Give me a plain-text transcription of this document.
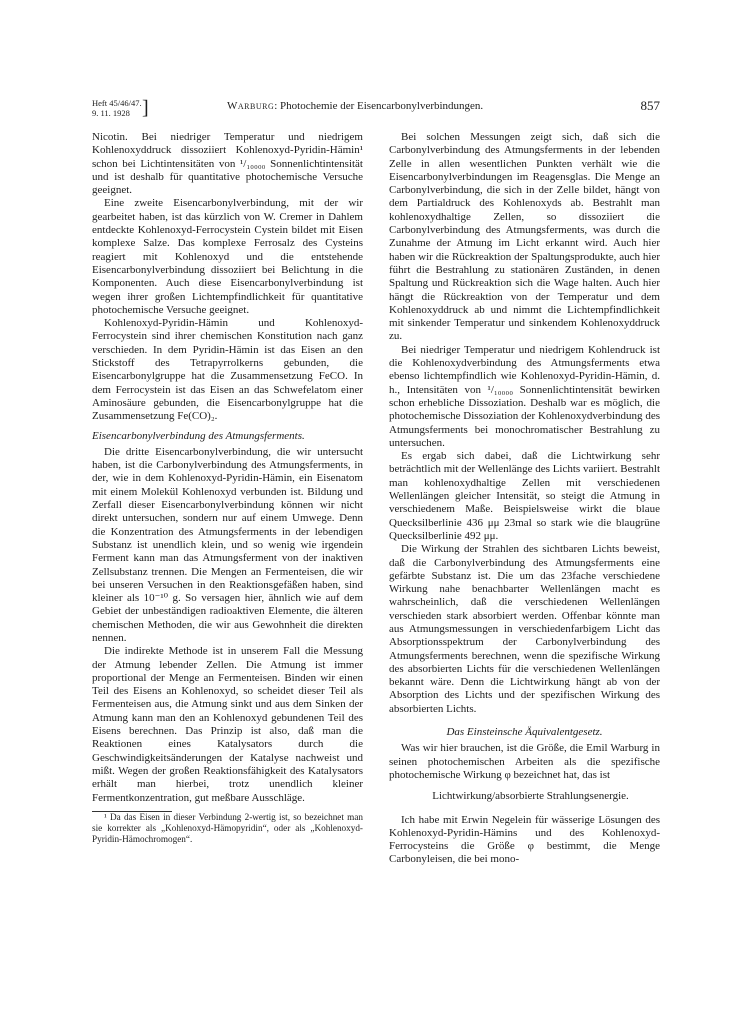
Heft 45/46/47.
9. 11. 1928 ]	Warburg: Photochemie der Eisencarbonylverbindungen.	857

Nicotin. Bei niedriger Temperatur und niedrigem Kohlenoxyddruck dissoziiert Kohlenoxyd-Pyridin-Hämin¹ schon bei Lichtintensitäten von ¹/₁₀₀₀₀ Sonnenlichtintensität und ist deshalb für quantitative photochemische Versuche geeignet.

Eine zweite Eisencarbonylverbindung, mit der wir gearbeitet haben, ist das kürzlich von W. Cremer in Dahlem entdeckte Kohlenoxyd-Ferrocystein Cystein bildet mit Eisen komplexe Salze. Das komplexe Ferrosalz des Cysteins reagiert mit Kohlenoxyd und die entstehende Eisencarbonylverbindung dissoziiert bei Belichtung in die Komponenten. Auch diese Eisencarbonylverbindung ist wegen ihrer großen Lichtempfindlichkeit für quantitative photochemische Versuche geeignet.

Kohlenoxyd-Pyridin-Hämin und Kohlenoxyd-Ferrocystein sind ihrer chemischen Konstitution nach ganz verschieden. In dem Pyridin-Hämin ist das Eisen an den Stickstoff des Tetrapyrrolkerns gebunden, die Eisencarbonylgruppe hat die Zusammensetzung FeCO. In dem Ferrocystein ist das Eisen an das Schwefelatom einer Aminosäure gebunden, die Eisencarbonylgruppe hat die Zusammensetzung Fe(CO)₂.

Eisencarbonylverbindung des Atmungsferments.

Die dritte Eisencarbonylverbindung, die wir untersucht haben, ist die Carbonylverbindung des Atmungsferments, in der, wie in dem Kohlenoxyd-Pyridin-Hämin, ein Eisenatom mit einem Molekül Kohlenoxyd verbunden ist. Bildung und Zerfall dieser Eisencarbonylverbindung können wir nicht direkt untersuchen, sondern nur auf einem Umwege. Denn die Konzentration des Atmungsferments in der lebendigen Substanz ist unendlich klein, und so wenig wie irgendein Ferment kann man das Atmungsferment von der inaktiven Zellsubstanz trennen. Die Mengen an Fermenteisen, die wir bei unseren Versuchen in den Reaktionsgefäßen haben, sind kleiner als 10⁻¹⁰ g. So versagen hier, ähnlich wie auf dem Gebiet der unbeständigen radioaktiven Elemente, die älteren chemischen Methoden, die wir aus Gewohnheit die direkten nennen.

Die indirekte Methode ist in unserem Fall die Messung der Atmung lebender Zellen. Die Atmung ist immer proportional der Menge an Fermenteisen. Binden wir einen Teil des Eisens an Kohlenoxyd, so scheidet dieser Teil als Fermenteisen aus, die Atmung sinkt und aus dem Sinken der Atmung kann man den an Kohlenoxyd gebundenen Teil des Eisens berechnen. Das Prinzip ist also, daß man die Reaktionen eines Katalysators durch die Geschwindigkeitsänderungen der Katalyse nachweist und mißt. Wegen der großen Reaktionsfähigkeit des Katalysators erhält man hierbei, trotz unendlich kleiner Fermentkonzentration, gut meßbare Ausschläge.

¹ Da das Eisen in dieser Verbindung 2-wertig ist, so bezeichnet man sie korrekter als „Kohlenoxyd-Hämopyridin“, oder als „Kohlenoxyd-Pyridin-Hämochromogen“.

Bei solchen Messungen zeigt sich, daß sich die Carbonylverbindung des Atmungsferments in der lebenden Zelle in allen wesentlichen Punkten verhält wie die Eisencarbonylverbindungen im Reagensglas. Die Menge an Carbonylverbindung, die sich in der Zelle bildet, hängt von dem Partialdruck des Kohlenoxyds ab. Bestrahlt man kohlenoxydhaltige Zellen, so dissoziiert die Carbonylverbindung des Atmungsferments, was durch die Zunahme der Atmung im Licht erkannt wird. Auch hier haben wir die Rückreaktion der Spaltungsprodukte, auch hier führt die Bestrahlung zu stationären Zuständen, in denen Spaltung und Rückreaktion sich die Wage halten. Auch hier hängt die Rückreaktion von der Temperatur und dem Kohlenoxyddruck ab und nimmt die Lichtempfindlichkeit mit sinkender Temperatur und sinkendem Kohlenoxyddruck zu.

Bei niedriger Temperatur und niedrigem Kohlendruck ist die Kohlenoxydverbindung des Atmungsferments etwa ebenso lichtempfindlich wie Kohlenoxyd-Pyridin-Hämin, d. h., Intensitäten von ¹/₁₀₀₀₀ Sonnenlichtintensität bewirken schon erhebliche Dissoziation. Deshalb war es möglich, die photochemische Dissoziation der Kohlenoxydverbindung des Atmungsferments bei monochromatischer Bestrahlung zu untersuchen.

Es ergab sich dabei, daß die Lichtwirkung sehr beträchtlich mit der Wellenlänge des Lichts variiert. Bestrahlt man kohlenoxydhaltige Zellen mit verschiedenen Wellenlängen gleicher Intensität, so steigt die Atmung in verschiedenem Maße. Beispielsweise wirkt die blaue Quecksilberlinie 436 μμ 23mal so stark wie die blaugrüne Quecksilberlinie 492 μμ.

Die Wirkung der Strahlen des sichtbaren Lichts beweist, daß die Carbonylverbindung des Atmungsferments eine gefärbte Substanz ist. Die um das 23fache verschiedene Wirkung nahe benachbarter Wellenlängen macht es wahrscheinlich, daß die verschiedenen Wellenlängen verschieden stark absorbiert werden. Offenbar könnte man aus Atmungsmessungen in verschiedenfarbigem Licht das Absorptionsspektrum der Carbonylverbindung des Atmungsferments berechnen, wenn die spezifische Wirkung des absorbierten Lichts für die verschiedenen Wellenlängen bekannt wäre. Denn die Lichtwirkung hängt ab von der Absorption des Lichts und der spezifischen Wirkung des absorbierten Lichts.

Das Einsteinsche Äquivalentgesetz.

Was wir hier brauchen, ist die Größe, die Emil Warburg in seinen photochemischen Arbeiten als die spezifische photochemische Wirkung φ bezeichnet hat, das ist

Lichtwirkung/absorbierte Strahlungsenergie.

Ich habe mit Erwin Negelein für wässerige Lösungen des Kohlenoxyd-Pyridin-Hämins und des Kohlenoxyd-Ferrocysteins die Größe φ bestimmt, die Menge Carbonyleisen, die bei mono-
